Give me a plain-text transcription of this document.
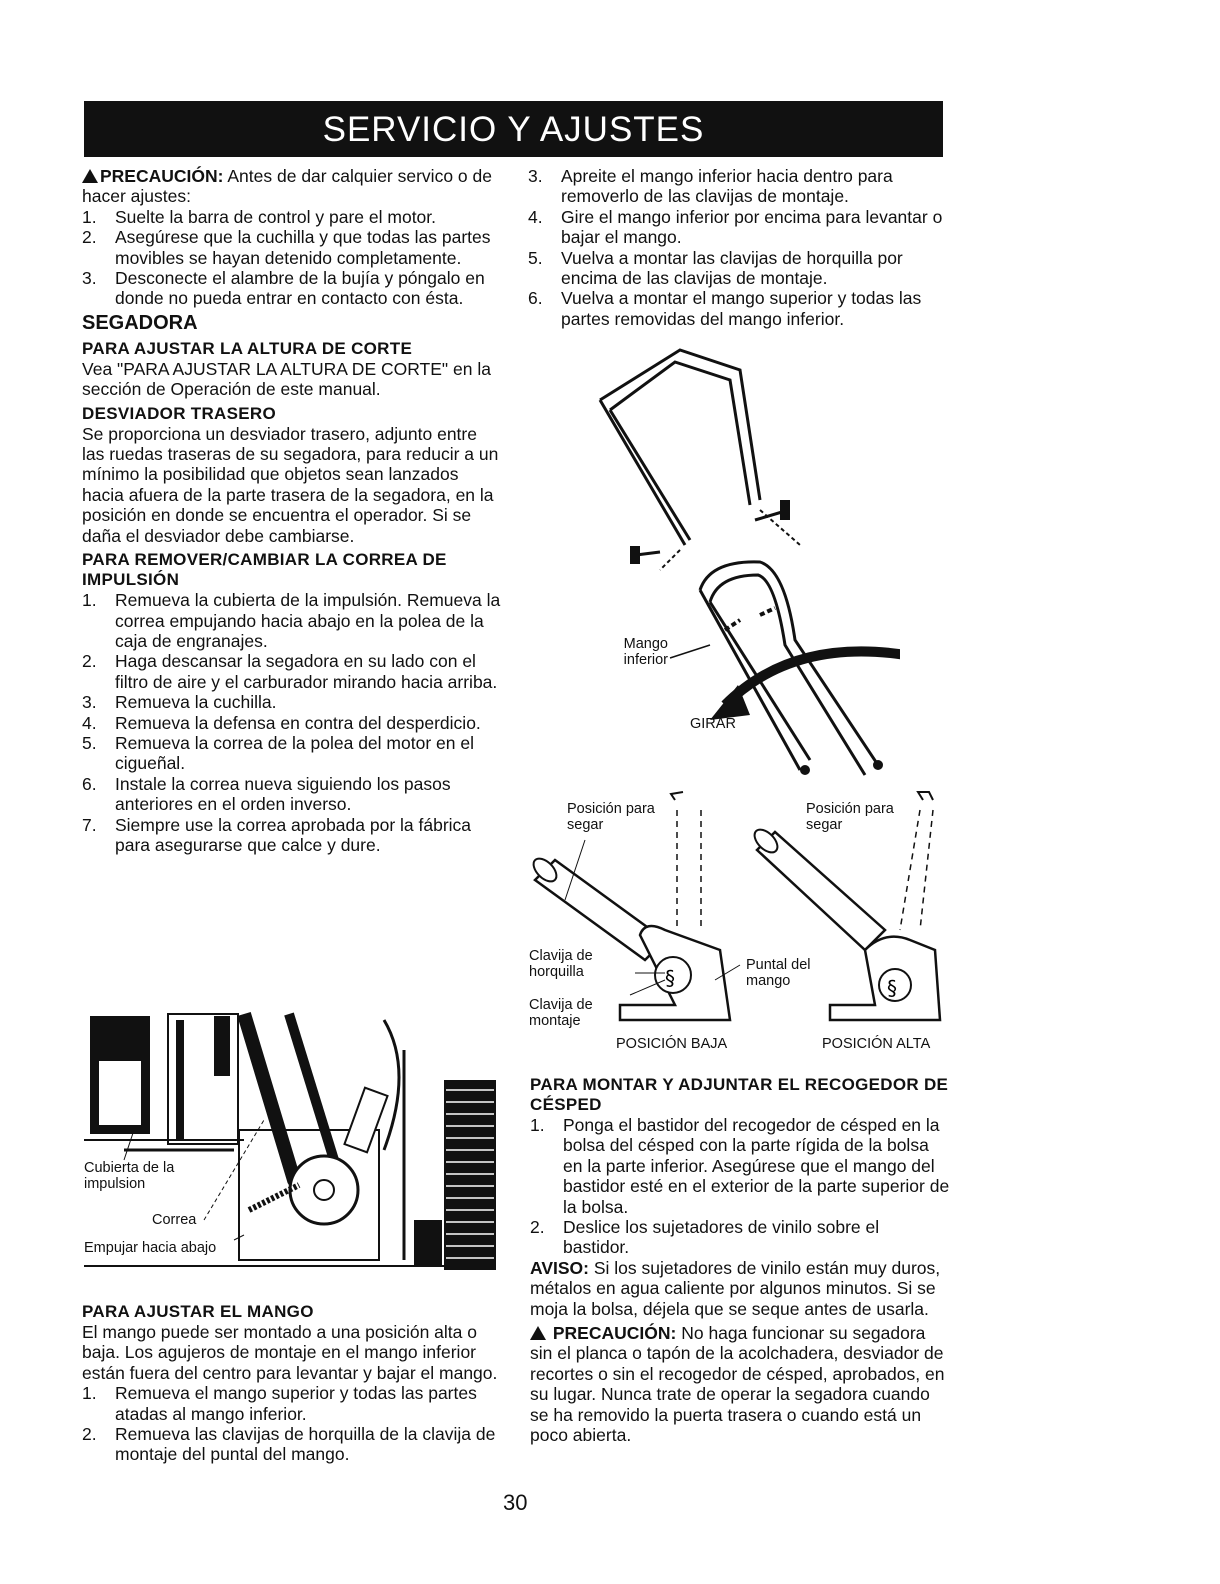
SERVICIO Y AJUSTES

PRECAUCIÓN: Antes de dar calquier servico o de hacer ajustes:

1. Suelte la barra de control y pare el motor.
2. Asegúrese que la cuchilla y que todas las partes movibles se hayan detenido completamente.
3. Desconecte el alambre de la bujía y póngalo en donde no pueda entrar en contacto con ésta.

SEGADORA

PARA AJUSTAR LA ALTURA DE CORTE

Vea "PARA AJUSTAR LA ALTURA DE CORTE" en la sección de Operación de este manual.

DESVIADOR TRASERO

Se proporciona un desviador trasero, adjunto entre las ruedas traseras de su segadora, para reducir a un mínimo la posibilidad que objetos sean lanzados hacia afuera de la parte trasera de la segadora, en la posición en donde se encuentra el operador. Si se daña el desviador debe cambiarse.

PARA REMOVER/CAMBIAR LA CORREA DE IMPULSIÓN

1. Remueva la cubierta de la impulsión. Remueva la correa empujando hacia abajo en la polea de la caja de engranajes.
2. Haga descansar la segadora en su lado con el filtro de aire y el carburador mirando hacia arriba.
3. Remueva la cuchilla.
4. Remueva la defensa en contra del desperdicio.
5. Remueva la correa de la polea del motor en el cigueñal.
6. Instale la correa nueva siguiendo los pasos anteriores en el orden inverso.
7. Siempre use la correa aprobada por la fábrica para asegurarse que calce y dure.
Cubierta de la impulsion
Correa
Empujar hacia abajo

PARA AJUSTAR EL MANGO

El mango puede ser montado a una posición alta o baja. Los agujeros de montaje en el mango inferior están fuera del centro para levantar y bajar el mango.

1. Remueva el mango superior y todas las partes atadas al mango inferior.
2. Remueva las clavijas de horquilla de la clavija de montaje del puntal del mango.
3. Apreite el mango inferior hacia dentro para removerlo de las clavijas de montaje.
4. Gire el mango inferior por encima para levantar o bajar el mango.
5. Vuelva a montar las clavijas de horquilla por encima de las clavijas de montaje.
6. Vuelva a montar el mango superior y todas las partes removidas del mango inferior.
Mango inferior
GIRAR
§	§
Posición para segar
Posición para segar
Clavija de horquilla
Clavija de montaje
Puntal del mango
POSICIÓN BAJA	POSICIÓN ALTA

PARA MONTAR Y ADJUNTAR EL RECOGEDOR DE CÉSPED

1. Ponga el bastidor del recogedor de césped en la bolsa del césped con la parte rígida de la bolsa en la parte inferior. Asegúrese que el mango del bastidor esté en el exterior de la parte superior de la bolsa.
2. Deslice los sujetadores de vinilo sobre el bastidor.

AVISO: Si los sujetadores de vinilo están muy duros, métalos en agua caliente por algunos minutos. Si se moja la bolsa, déjela que se seque antes de usarla.

PRECAUCIÓN: No haga funcionar su segadora sin el planca o tapón de la acolchadera, desviador de recortes o sin el recogedor de césped, aprobados, en su lugar. Nunca trate de operar la segadora cuando se ha removido la puerta trasera o cuando está un poco abierta.

30
